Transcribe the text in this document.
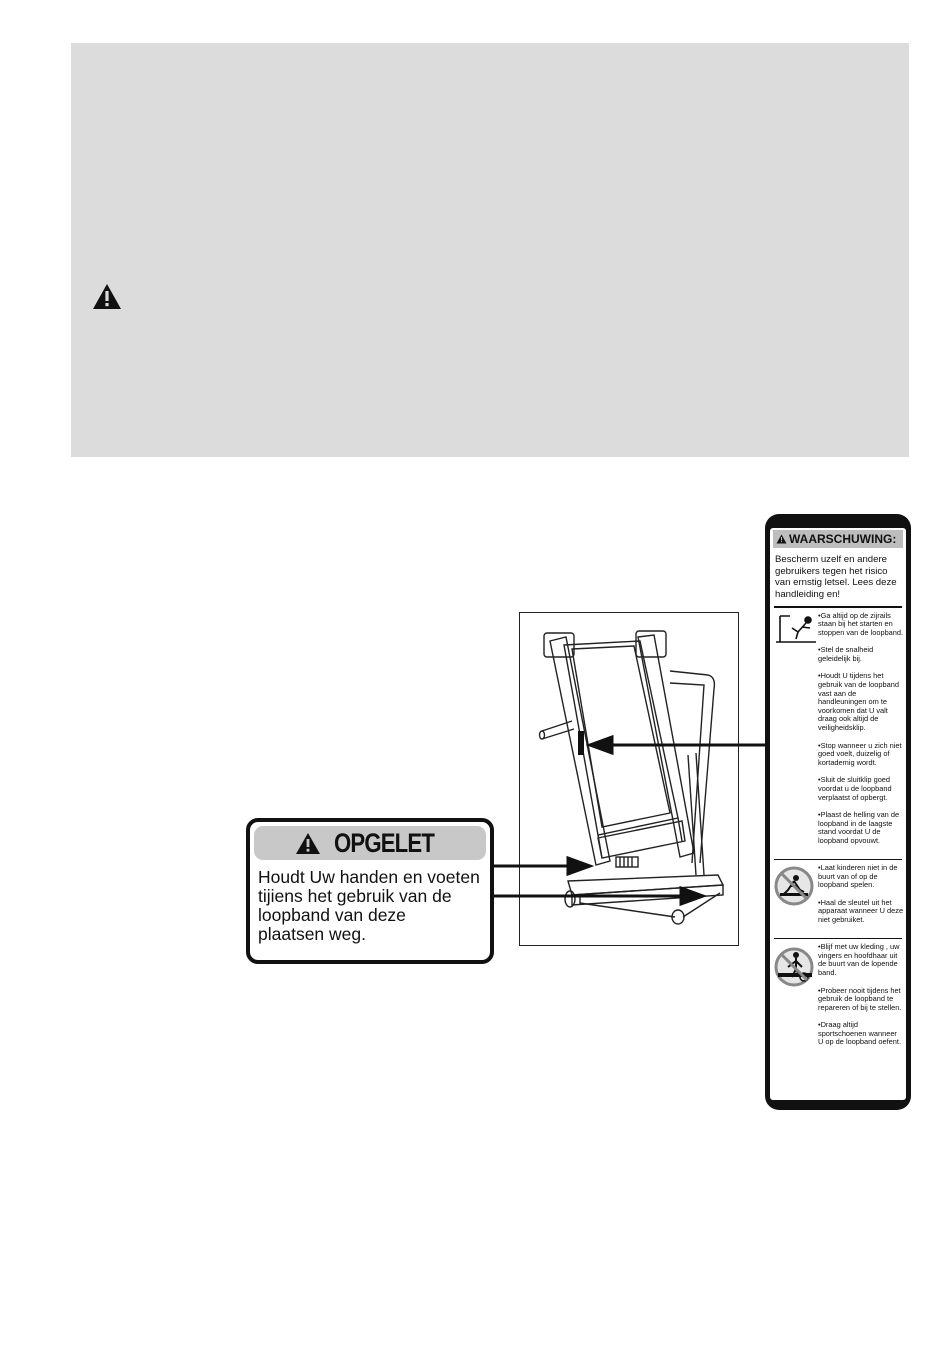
OPGELET
Houdt Uw handen en voeten
tijiens het gebruik van de
loopband van deze
plaatsen weg.
WAARSCHUWING:
Bescherm uzelf en andere gebruikers tegen het risico van ernstig letsel. Lees deze handleiding en!
•Ga altijd op de zijrails staan bij het starten en stoppen van de loopband.
•Stel de snalheid geleidelijk bij.
•Houdt U tijdens het gebruik van de loopband vast aan de handleuningen om te voorkomen dat U valt draag ook altijd de veiligheidsklip.
•Stop wanneer u zich niet goed voelt, duizelig of kortademig wordt.
•Sluit de sluitklip goed voordat u de loopband verplaatst of opbergt.
•Plaast de helling van de loopband in de laagste stand voordat U de loopband opvouwt.
•Laat kinderen niet in de buurt van of op de loopband spelen.
•Haal de sleutel uit het apparaat wanneer U deze niet gebruiket.
•Blijf met uw kleding , uw vingers en hoofdhaar uit de buurt van de lopende band.
•Probeer nooit tijdens het gebruik de loopband te repareren of bij te stellen.
•Draag altijd sportschoenen wanneer U op de loopband oefent.
